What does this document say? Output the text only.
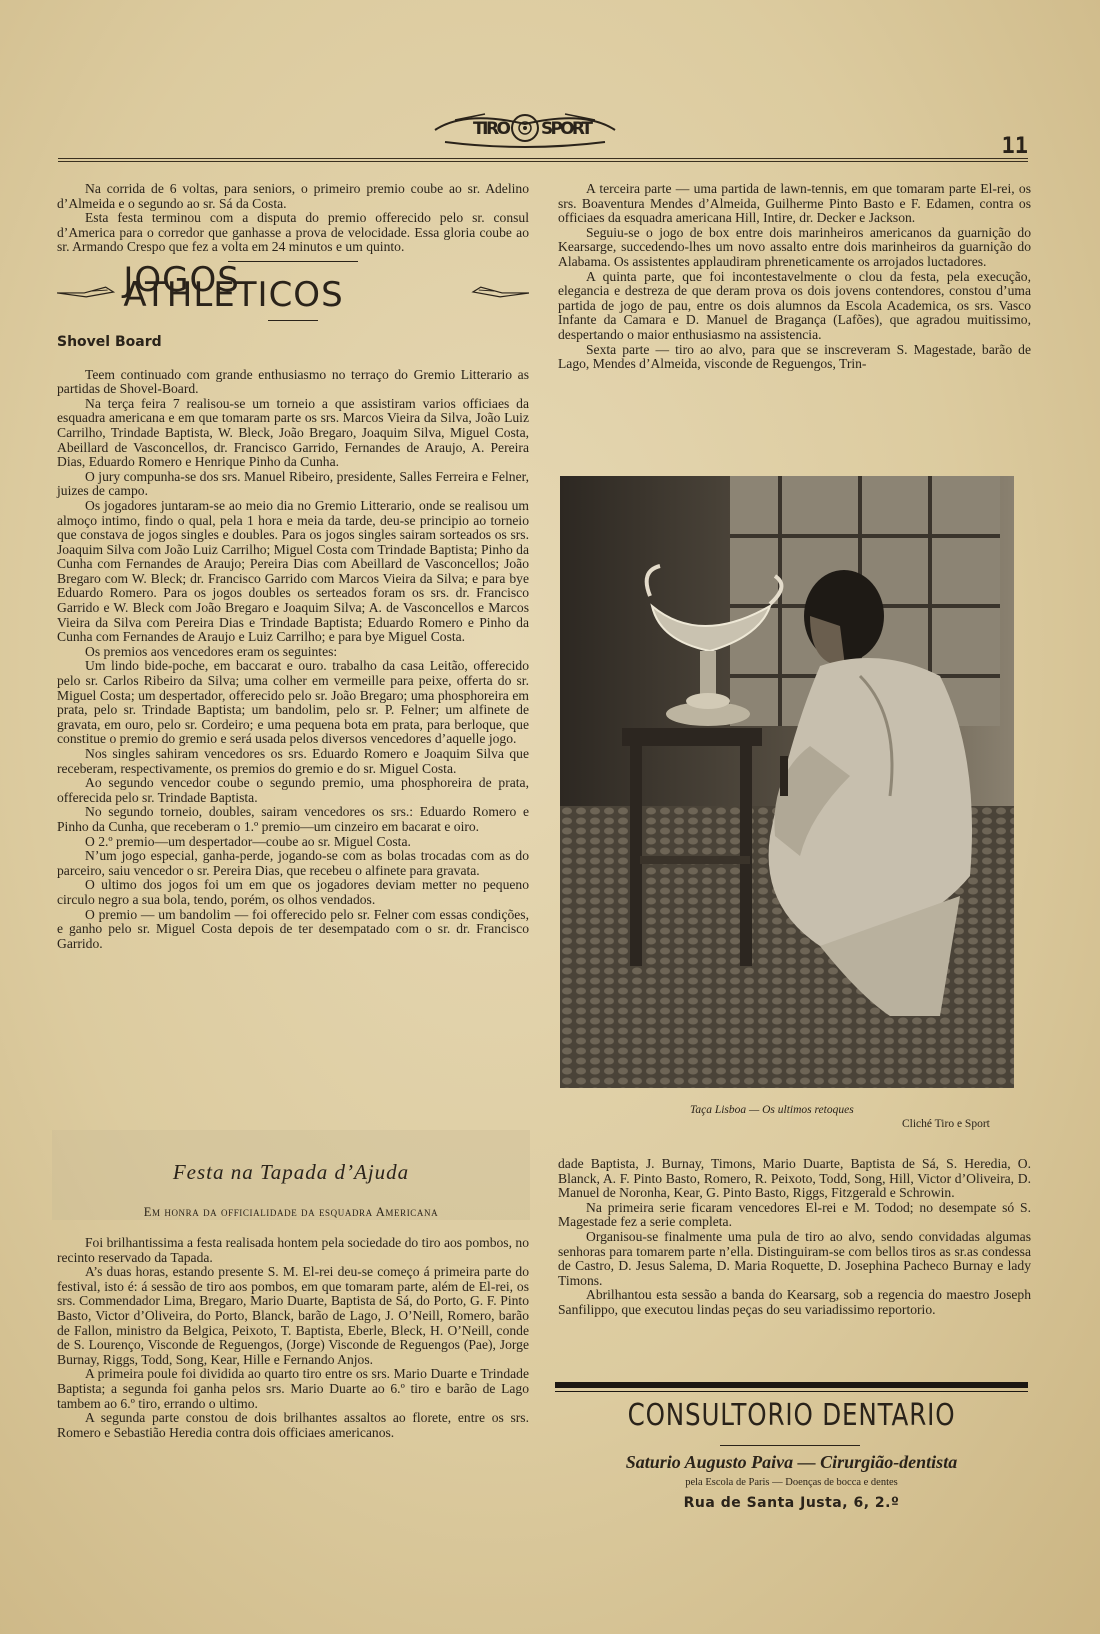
TIRO SPORT
11

Na corrida de 6 voltas, para seniors, o primeiro premio coube ao sr. Adelino d’Almeida e o segundo ao sr. Sá da Costa.

Esta festa terminou com a disputa do premio offerecido pelo sr. consul d’America para o corredor que ganhasse a prova de velocidade. Essa gloria coube ao sr. Armando Crespo que fez a volta em 24 minutos e um quinto.

JOGOS ATHLETICOS
Shovel Board

Teem continuado com grande enthusiasmo no terraço do Gremio Litterario as partidas de Shovel-Board.

Na terça feira 7 realisou-se um torneio a que assistiram varios officiaes da esquadra americana e em que tomaram parte os srs. Marcos Vieira da Silva, João Luiz Carrilho, Trindade Baptista, W. Bleck, João Bregaro, Joaquim Silva, Miguel Costa, Abeillard de Vasconcellos, dr. Francisco Garrido, Fernandes de Araujo, A. Pereira Dias, Eduardo Romero e Henrique Pinho da Cunha.

O jury compunha-se dos srs. Manuel Ribeiro, presidente, Salles Ferreira e Felner, juizes de campo.

Os jogadores juntaram-se ao meio dia no Gremio Litterario, onde se realisou um almoço intimo, findo o qual, pela 1 hora e meia da tarde, deu-se principio ao torneio que constava de jogos singles e doubles. Para os jogos singles sairam sorteados os srs. Joaquim Silva com João Luiz Carrilho; Miguel Costa com Trindade Baptista; Pinho da Cunha com Fernandes de Araujo; Pereira Dias com Abeillard de Vasconcellos; João Bregaro com W. Bleck; dr. Francisco Garrido com Marcos Vieira da Silva; e para bye Eduardo Romero. Para os jogos doubles os serteados foram os srs. dr. Francisco Garrido e W. Bleck com João Bregaro e Joaquim Silva; A. de Vasconcellos e Marcos Vieira da Silva com Pereira Dias e Trindade Baptista; Eduardo Romero e Pinho da Cunha com Fernandes de Araujo e Luiz Carrilho; e para bye Miguel Costa.

Os premios aos vencedores eram os seguintes:

Um lindo bide-poche, em baccarat e ouro. trabalho da casa Leitão, offerecido pelo sr. Carlos Ribeiro da Silva; uma colher em vermeille para peixe, offerta do sr. Miguel Costa; um despertador, offerecido pelo sr. João Bregaro; uma phosphoreira em prata, pelo sr. Trindade Baptista; um bandolim, pelo sr. P. Felner; um alfinete de gravata, em ouro, pelo sr. Cordeiro; e uma pequena bota em prata, para berloque, que constitue o premio do gremio e será usada pelos diversos vencedores d’aquelle jogo.

Nos singles sahiram vencedores os srs. Eduardo Romero e Joaquim Silva que receberam, respectivamente, os premios do gremio e do sr. Miguel Costa.

Ao segundo vencedor coube o segundo premio, uma phosphoreira de prata, offerecida pelo sr. Trindade Baptista.

No segundo torneio, doubles, sairam vencedores os srs.: Eduardo Romero e Pinho da Cunha, que receberam o 1.º premio—um cinzeiro em bacarat e oiro.

O 2.º premio—um despertador—coube ao sr. Miguel Costa.

N’um jogo especial, ganha-perde, jogando-se com as bolas trocadas com as do parceiro, saiu vencedor o sr. Pereira Dias, que recebeu o alfinete para gravata.

O ultimo dos jogos foi um em que os jogadores deviam metter no pequeno circulo negro a sua bola, tendo, porém, os olhos vendados.

O premio — um bandolim — foi offerecido pelo sr. Felner com essas condições, e ganho pelo sr. Miguel Costa depois de ter desempatado com o sr. dr. Francisco Garrido.

Festa na Tapada d’Ajuda
Em honra da officialidade da esquadra Americana

Foi brilhantissima a festa realisada hontem pela sociedade do tiro aos pombos, no recinto reservado da Tapada.

A’s duas horas, estando presente S. M. El-rei deu-se começo á primeira parte do festival, isto é: á sessão de tiro aos pombos, em que tomaram parte, além de El-rei, os srs. Commendador Lima, Bregaro, Mario Duarte, Baptista de Sá, do Porto, G. F. Pinto Basto, Victor d’Oliveira, do Porto, Blanck, barão de Lago, J. O’Neill, Romero, barão de Fallon, ministro da Belgica, Peixoto, T. Baptista, Eberle, Bleck, H. O’Neill, conde de S. Lourenço, Visconde de Reguengos, (Jorge) Visconde de Reguengos (Pae), Jorge Burnay, Riggs, Todd, Song, Kear, Hille e Fernando Anjos.

A primeira poule foi dividida ao quarto tiro entre os srs. Mario Duarte e Trindade Baptista; a segunda foi ganha pelos srs. Mario Duarte ao 6.º tiro e barão de Lago tambem ao 6.º tiro, errando o ultimo.

A segunda parte constou de dois brilhantes assaltos ao florete, entre os srs. Romero e Sebastião Heredia contra dois officiaes americanos.

A terceira parte — uma partida de lawn-tennis, em que tomaram parte El-rei, os srs. Boaventura Mendes d’Almeida, Guilherme Pinto Basto e F. Edamen, contra os officiaes da esquadra americana Hill, Intire, dr. Decker e Jackson.

Seguiu-se o jogo de box entre dois marinheiros americanos da guarnição do Kearsarge, succedendo-lhes um novo assalto entre dois marinheiros da guarnição do Alabama. Os assistentes applaudiram phreneticamente os arrojados luctadores.

A quinta parte, que foi incontestavelmente o clou da festa, pela execução, elegancia e destreza de que deram prova os dois jovens contendores, constou d’uma partida de jogo de pau, entre os dois alumnos da Escola Academica, os srs. Vasco Infante da Camara e D. Manuel de Bragança (Lafões), que agradou muitissimo, despertando o maior enthusiasmo na assistencia.

Sexta parte — tiro ao alvo, para que se inscreveram S. Magestade, barão de Lago, Mendes d’Almeida, visconde de Reguengos, Trin-

Taça Lisboa — Os ultimos retoques
Cliché Tiro e Sport

dade Baptista, J. Burnay, Timons, Mario Duarte, Baptista de Sá, S. Heredia, O. Blanck, A. F. Pinto Basto, Romero, R. Peixoto, Todd, Song, Hill, Victor d’Oliveira, D. Manuel de Noronha, Kear, G. Pinto Basto, Riggs, Fitzgerald e Schrowin.

Na primeira serie ficaram vencedores El-rei e M. Todod; no desempate só S. Magestade fez a serie completa.

Organisou-se finalmente uma pula de tiro ao alvo, sendo convidadas algumas senhoras para tomarem parte n’ella. Distinguiram-se com bellos tiros as sr.as condessa de Castro, D. Jesus Salema, D. Maria Roquette, D. Josephina Pacheco Burnay e lady Timons.

Abrilhantou esta sessão a banda do Kearsarg, sob a regencia do maestro Joseph Sanfilippo, que executou lindas peças do seu variadissimo reportorio.

CONSULTORIO DENTARIO
Saturio Augusto Paiva — Cirurgião-dentista
pela Escola de Paris — Doenças de bocca e dentes
Rua de Santa Justa, 6, 2.º
